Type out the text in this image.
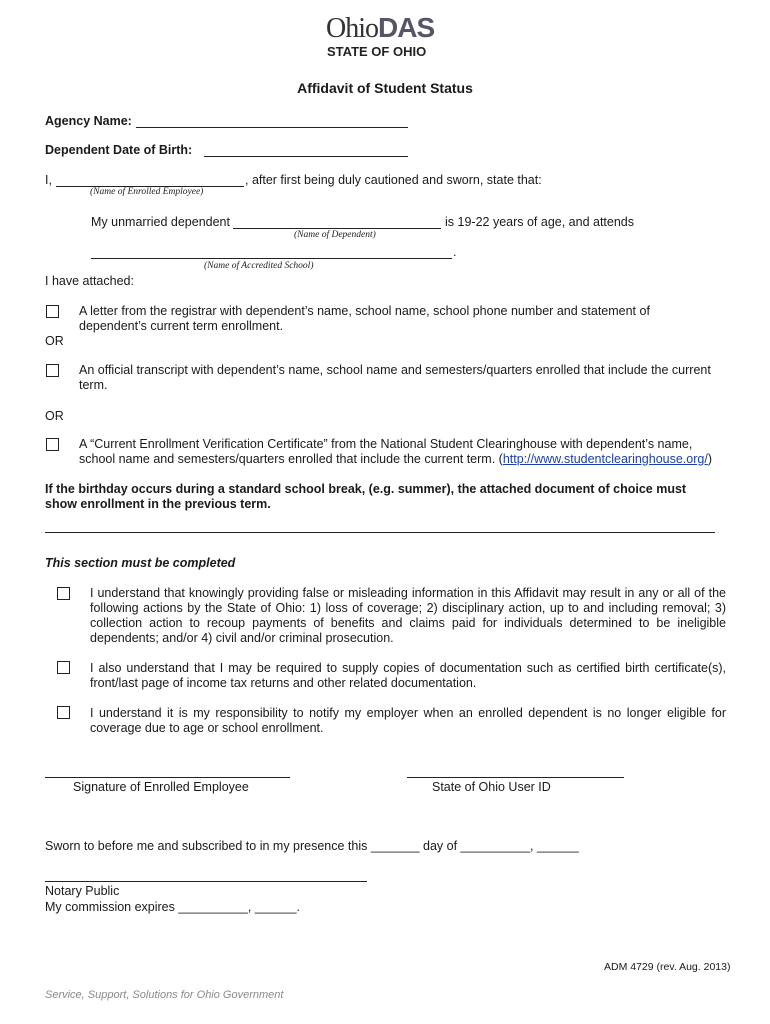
OhioDAS
STATE OF OHIO
Affidavit of Student Status
Agency Name:
Dependent Date of Birth:
I,	, after first being duly cautioned and sworn, state that:
(Name of Enrolled Employee)
My unmarried dependent	is 19-22 years of age, and attends
(Name of Dependent)
.
(Name of Accredited School)
I have attached:
A letter from the registrar with dependent’s name, school name, school phone number and statement of dependent’s current term enrollment.
OR
An official transcript with dependent’s name, school name and semesters/quarters enrolled that include the current term.
OR
A “Current Enrollment Verification Certificate” from the National Student Clearinghouse with dependent’s name, school name and semesters/quarters enrolled that include the current term. (http://www.studentclearinghouse.org/)
If the birthday occurs during a standard school break, (e.g. summer), the attached document of choice must show enrollment in the previous term.
This section must be completed
I understand that knowingly providing false or misleading information in this Affidavit may result in any or all of the following actions by the State of Ohio: 1) loss of coverage; 2) disciplinary action, up to and including removal; 3) collection action to recoup payments of benefits and claims paid for individuals determined to be ineligible dependents; and/or 4) civil and/or criminal prosecution.
I also understand that I may be required to supply copies of documentation such as certified birth certificate(s), front/last page of income tax returns and other related documentation.
I understand it is my responsibility to notify my employer when an enrolled dependent is no longer eligible for coverage due to age or school enrollment.
Signature of Enrolled Employee	State of Ohio User ID
Sworn to before me and subscribed to in my presence this _______ day of __________, ______
Notary Public
My commission expires __________, ______.
ADM 4729 (rev. Aug. 2013)
Service, Support, Solutions for Ohio Government
